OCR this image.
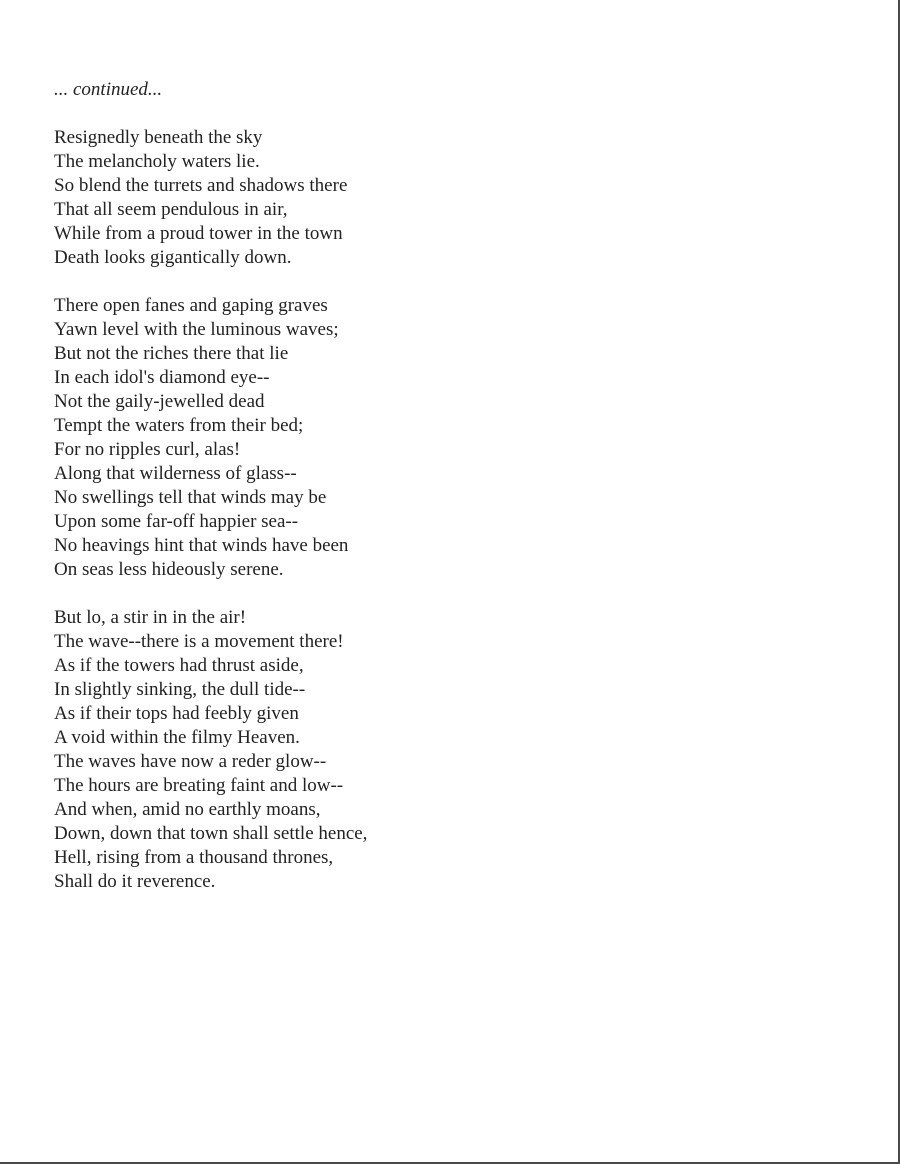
... continued...
Resignedly beneath the sky
The melancholy waters lie.
So blend the turrets and shadows there
That all seem pendulous in air,
While from a proud tower in the town
Death looks gigantically down.
There open fanes and gaping graves
Yawn level with the luminous waves;
But not the riches there that lie
In each idol's diamond eye--
Not the gaily-jewelled dead
Tempt the waters from their bed;
For no ripples curl, alas!
Along that wilderness of glass--
No swellings tell that winds may be
Upon some far-off happier sea--
No heavings hint that winds have been
On seas less hideously serene.
But lo, a stir in in the air!
The wave--there is a movement there!
As if the towers had thrust aside,
In slightly sinking, the dull tide--
As if their tops had feebly given
A void within the filmy Heaven.
The waves have now a reder glow--
The hours are breating faint and low--
And when, amid no earthly moans,
Down, down that town shall settle hence,
Hell, rising from a thousand thrones,
Shall do it reverence.
